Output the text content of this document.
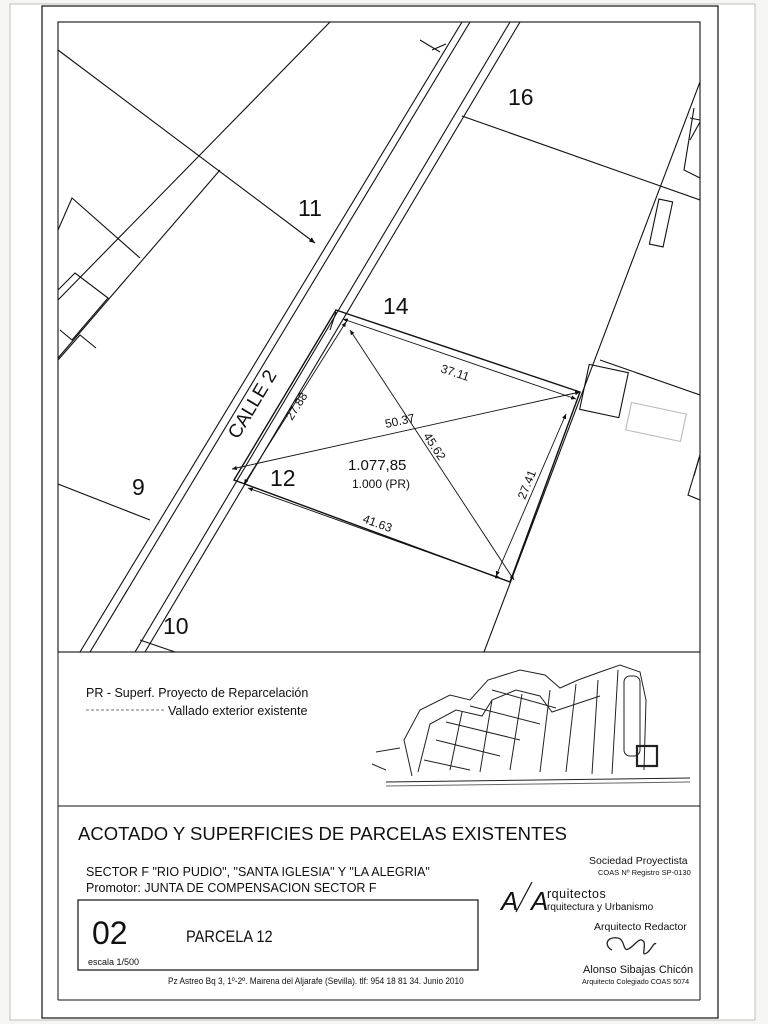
CALLE 2
16
11
14
12
9
10
37.11
27.88	50.37
45.62
27.41
41.63
1.077,85
1.000 (PR)
PR - Superf. Proyecto de Reparcelación
Vallado exterior existente
ACOTADO Y SUPERFICIES DE PARCELAS EXISTENTES
SECTOR F "RIO PUDIO", "SANTA IGLESIA" Y "LA ALEGRIA"
Promotor: JUNTA DE COMPENSACION SECTOR F
02	PARCELA 12
escala 1/500
Pz Astreo Bq 3, 1º-2º. Mairena del Aljarafe (Sevilla). tlf: 954 18 81 34. Junio 2010
Sociedad Proyectista
COAS Nº Registro SP-0130
A A
rquitectos
rquitectura y Urbanismo
Arquitecto Redactor
Alonso Sibajas Chicón
Arquitecto Colegiado COAS 5074
